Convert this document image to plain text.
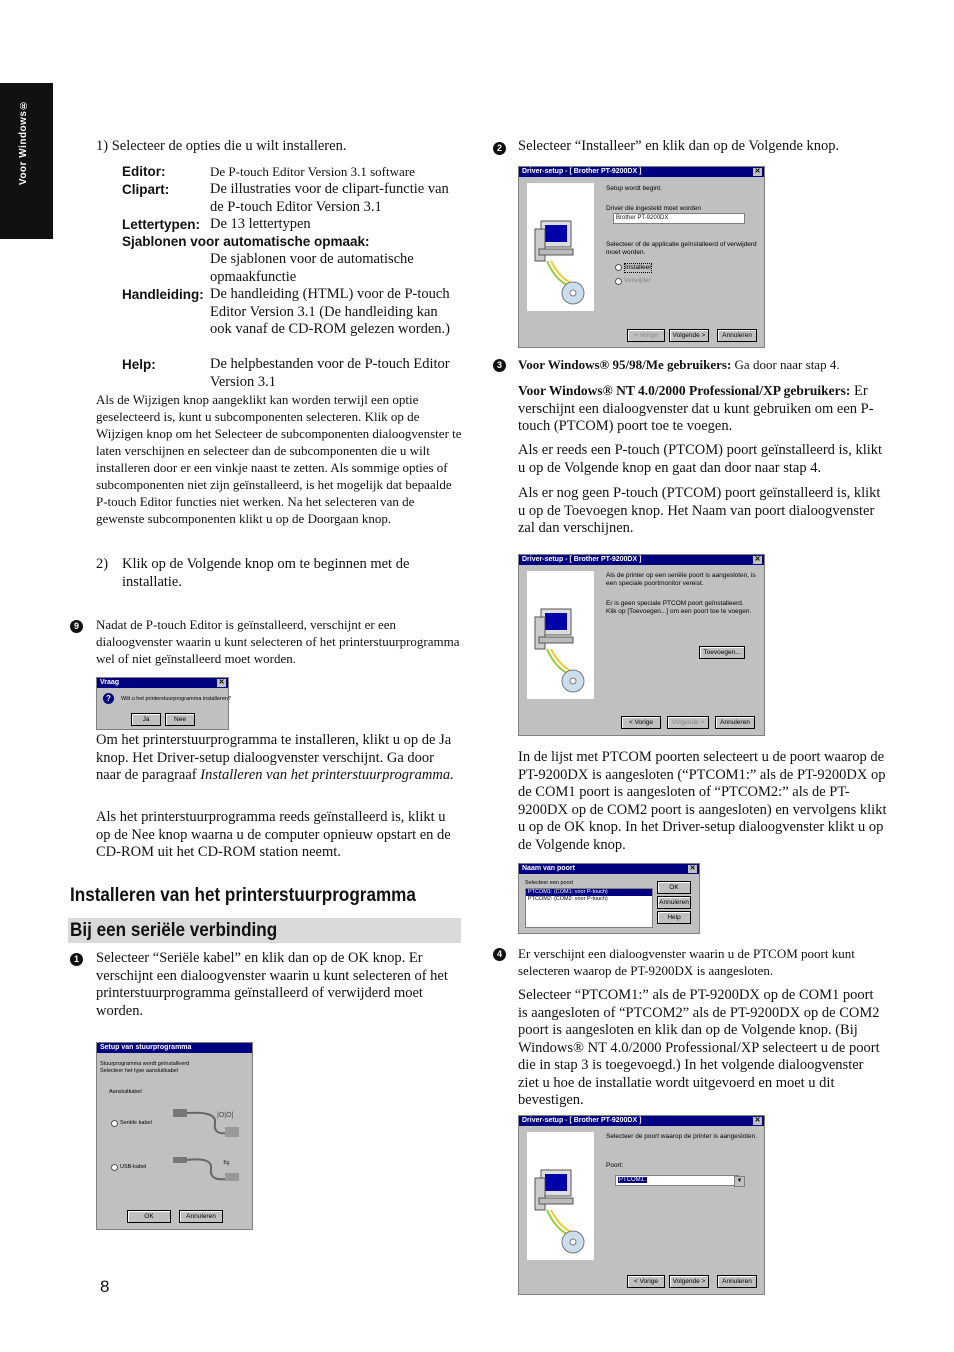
Voor Windows®	1) Selecteer de opties die u wilt installeren.

Editor:	De P-touch Editor Version 3.1 software
Clipart:	De illustraties voor de clipart-functie van de P-touch Editor Version 3.1
Lettertypen: De 13 lettertypen
Sjablonen voor automatische opmaak:
De sjablonen voor de automatische opmaakfunctie
Handleiding: De handleiding (HTML) voor de P-touch Editor Version 3.1 (De handleiding kan ook vanaf de CD-ROM gelezen worden.)
Help:	De helpbestanden voor de P-touch Editor Version 3.1

Als de Wijzigen knop aangeklikt kan worden terwijl een optie geselecteerd is, kunt u subcomponenten selecteren. Klik op de Wijzigen knop om het Selecteer de subcomponenten dialoogvenster te laten verschijnen en selecteer dan de subcomponenten die u wilt installeren door er een vinkje naast te zetten. Als sommige opties of subcomponenten niet zijn geïnstalleerd, is het mogelijk dat bepaalde P-touch Editor functies niet werken. Na het selecteren van de gewenste subcomponenten klikt u op de Doorgaan knop.

2) Klik op de Volgende knop om te beginnen met de installatie.

9	Nadat de P-touch Editor is geïnstalleerd, verschijnt er een dialoogvenster waarin u kunt selecteren of het printerstuurprogramma wel of niet geïnstalleerd moet worden.

Vraag	✕
?	Wilt u het printerstuurprogramma installeren?
Ja	Nee

Om het printerstuurprogramma te installeren, klikt u op de Ja knop. Het Driver-setup dialoogvenster verschijnt. Ga door naar de paragraaf Installeren van het printerstuurprogramma.

Als het printerstuurprogramma reeds geïnstalleerd is, klikt u op de Nee knop waarna u de computer opnieuw opstart en de CD-ROM uit het CD-ROM station neemt.

Installeren van het printerstuurprogramma
Bij een seriële verbinding
1 Selecteer “Seriële kabel” en klik dan op de OK knop. Er verschijnt een dialoogvenster waarin u kunt selecteren of het printerstuurprogramma geïnstalleerd of verwijderd moet worden.

Setup van stuurprogramma
Stuurprogramma wordt geïnstalleerd
Selecteer het type aansluitkabel
Aansluitkabel
Seriële kabel
|O|O|
USB-kabel	⇆
OK	Annuleren
8
2 Selecteer “Installeer” en klik dan op de Volgende knop.

Driver-setup - [ Brother PT-9200DX ]	✕
Setup wordt begint.
Driver die ingesteld moet worden
Brother PT-9200DX
Selecteer of de applicatie geïnstalleerd of verwijderd
moet worden.
Installeer
Verwijder
< Vorige	Volgende >	Annuleren
3	Voor Windows® 95/98/Me gebruikers: Ga door naar stap 4.

Voor Windows® NT 4.0/2000 Professional/XP gebruikers: Er verschijnt een dialoogvenster dat u kunt gebruiken om een P-touch (PTCOM) poort toe te voegen.

Als er reeds een P-touch (PTCOM) poort geïnstalleerd is, klikt u op de Volgende knop en gaat dan door naar stap 4.

Als er nog geen P-touch (PTCOM) poort geïnstalleerd is, klikt u op de Toevoegen knop. Het Naam van poort dialoogvenster zal dan verschijnen.

Driver-setup - [ Brother PT-9200DX ]	✕
Als de printer op een seriële poort is aangesloten, is
een speciale poortmonitor vereist.
Er is geen speciale PTCOM poort geïnstalleerd.
Klik op [Toevoegen...] om een poort toe te voegen.
Toevoegen...
< Vorige	Volgende >	Annuleren

In de lijst met PTCOM poorten selecteert u de poort waarop de PT-9200DX is aangesloten (“PTCOM1:” als de PT-9200DX op de COM1 poort is aangesloten of “PTCOM2:” als de PT-9200DX op de COM2 poort is aangesloten) en vervolgens klikt u op de OK knop. In het Driver-setup dialoogvenster klikt u op de Volgende knop.

Naam van poort	✕
Selecteer een poort
PTCOM1: (COM1: voor P-touch)
PTCOM2: (COM2: voor P-touch)
OK
Annuleren
Help
4	Er verschijnt een dialoogvenster waarin u de PTCOM poort kunt selecteren waarop de PT-9200DX is aangesloten.

Selecteer “PTCOM1:” als de PT-9200DX op de COM1 poort is aangesloten of “PTCOM2” als de PT-9200DX op de COM2 poort is aangesloten en klik dan op de Volgende knop. (Bij Windows® NT 4.0/2000 Professional/XP selecteert u de poort die in stap 3 is toegevoegd.) In het volgende dialoogvenster ziet u hoe de installatie wordt uitgevoerd en moet u dit bevestigen.

Driver-setup - [ Brother PT-9200DX ]	✕
Selecteer de poort waarop de printer is aangesloten.
Poort:
PTCOM1:	▼
< Vorige	Volgende >	Annuleren
